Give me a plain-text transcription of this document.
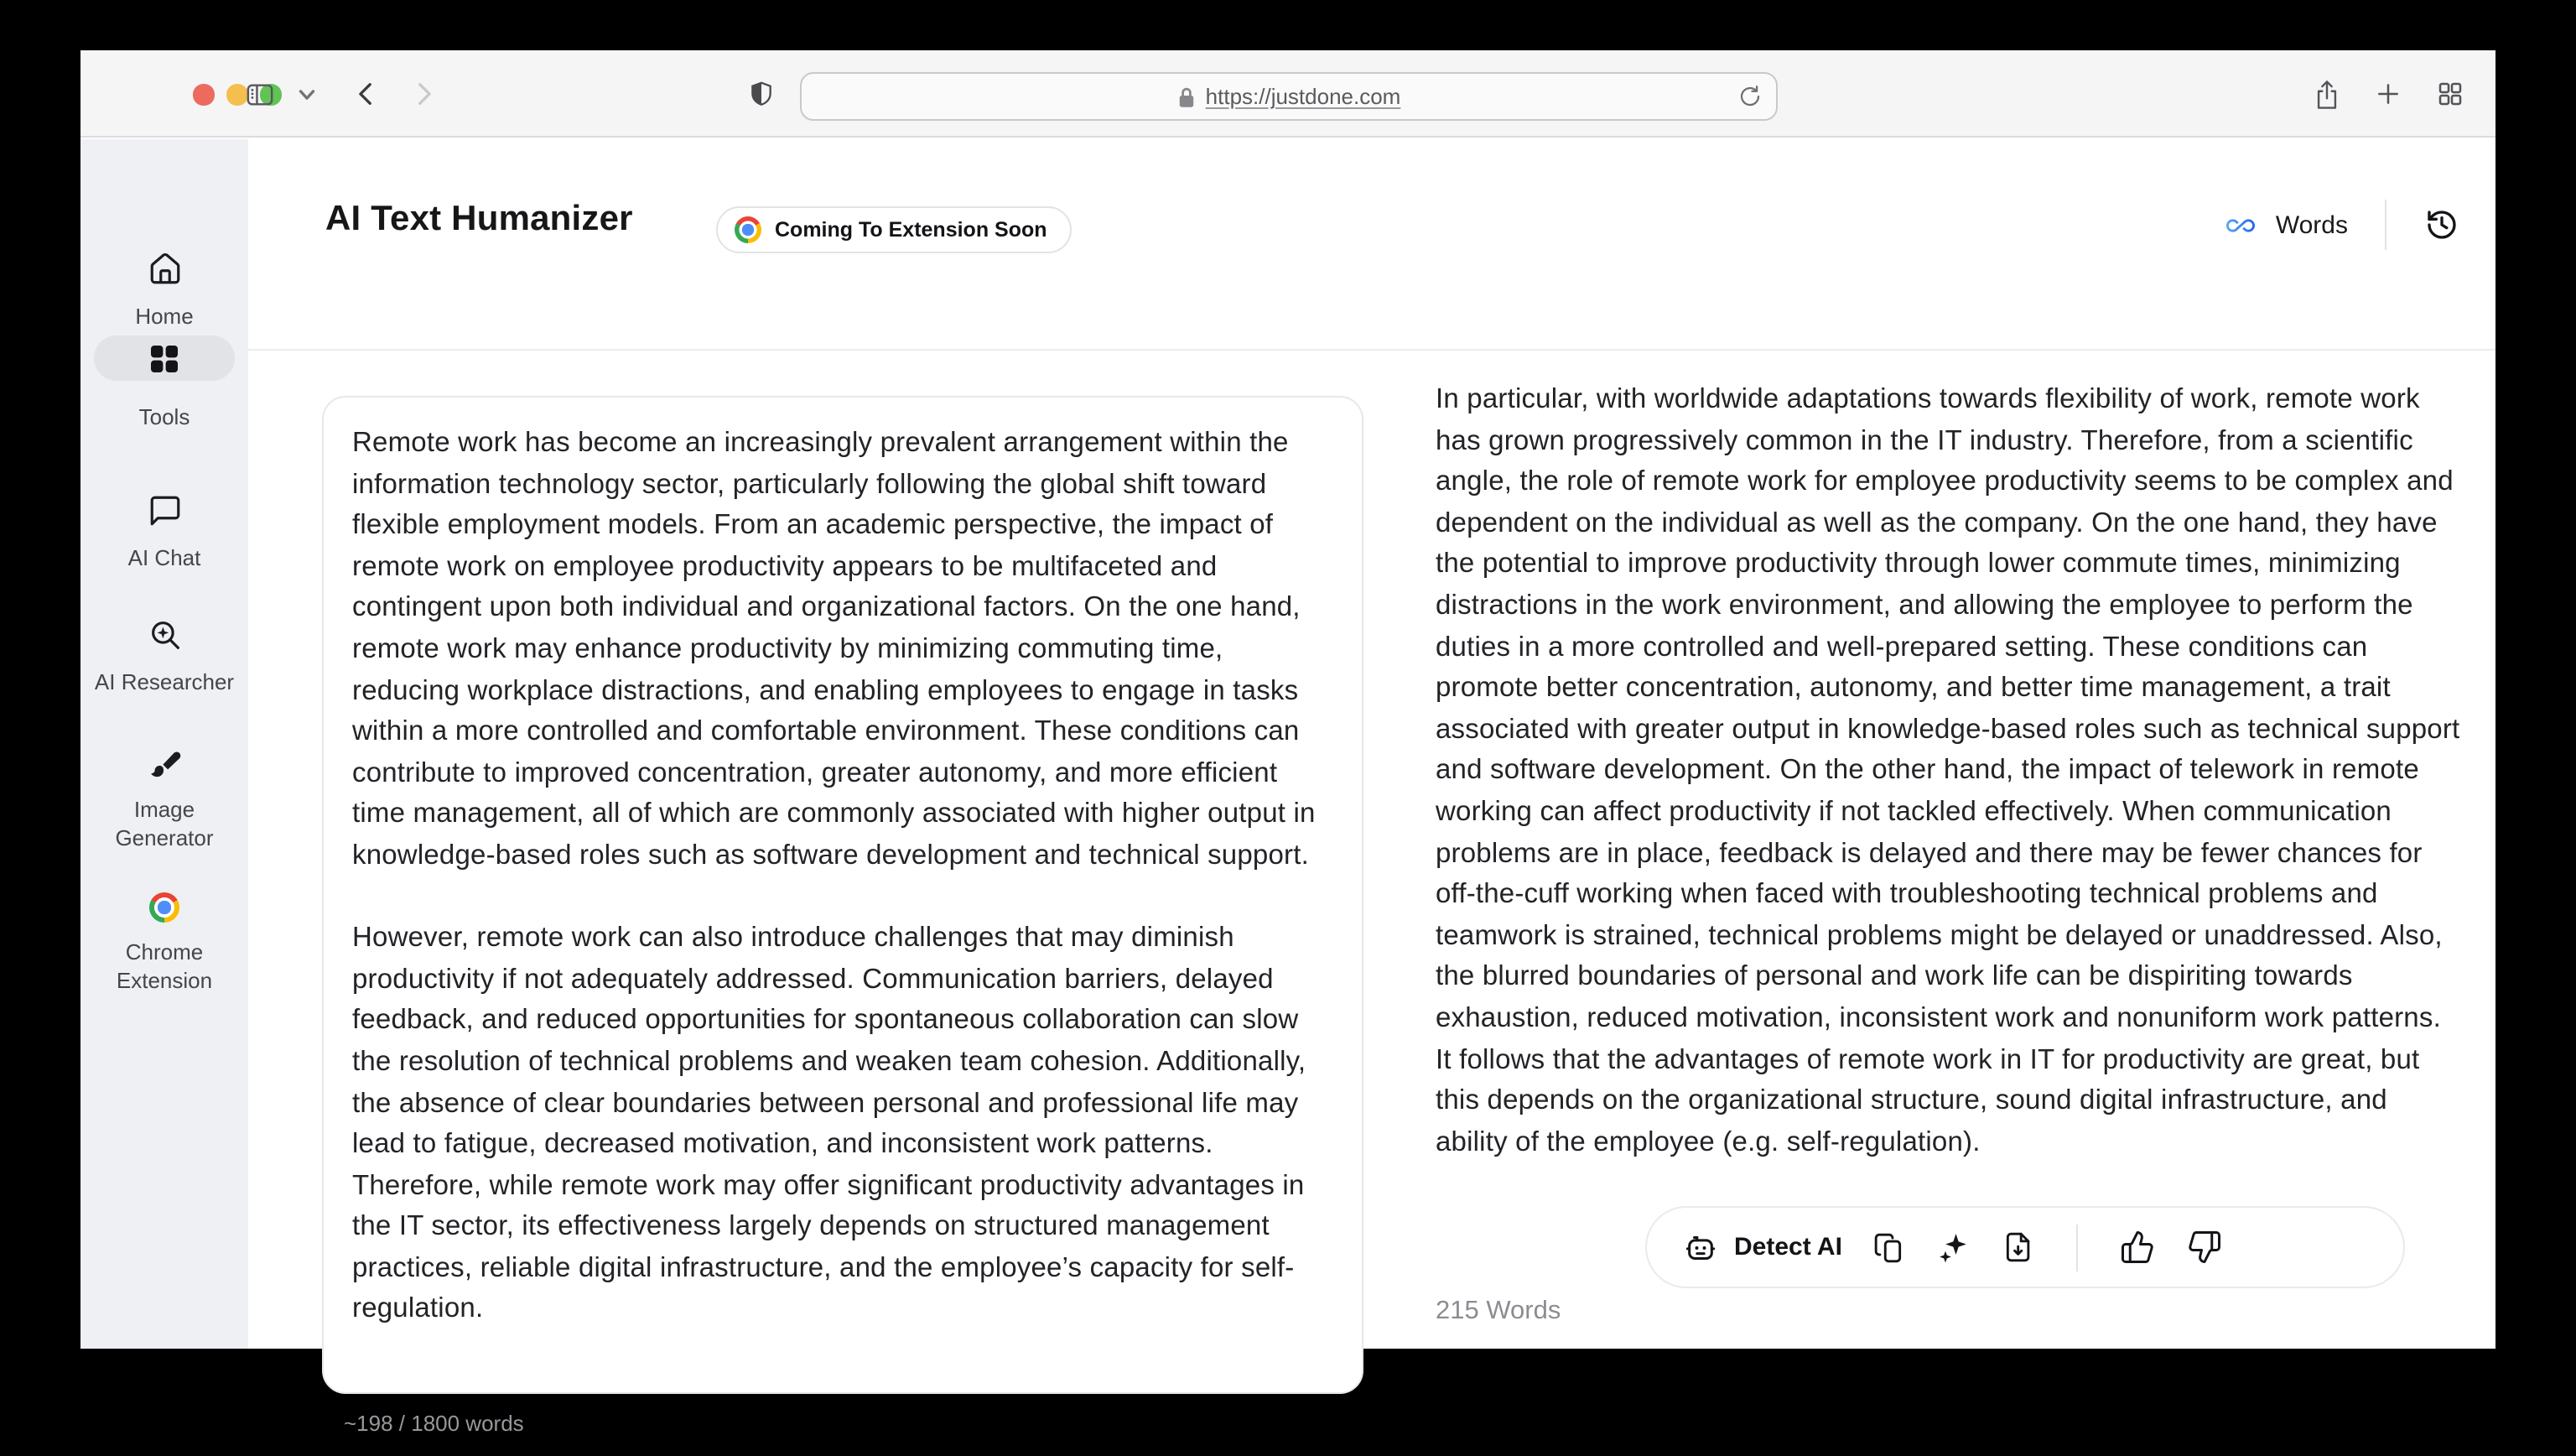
https://justdone.com
Home
Tools
AI Chat
AI Researcher
Image Generator
Chrome Extension
AI Text Humanizer	Coming To Extension Soon	Words

Remote work has become an increasingly prevalent arrangement within the information technology sector, particularly following the global shift toward flexible employment models. From an academic perspective, the impact of remote work on employee productivity appears to be multifaceted and contingent upon both individual and organizational factors. On the one hand, remote work may enhance productivity by minimizing commuting time, reducing workplace distractions, and enabling employees to engage in tasks within a more controlled and comfortable environment. These conditions can contribute to improved concentration, greater autonomy, and more efficient time management, all of which are commonly associated with higher output in knowledge-based roles such as software development and technical support.

However, remote work can also introduce challenges that may diminish productivity if not adequately addressed. Communication barriers, delayed feedback, and reduced opportunities for spontaneous collaboration can slow the resolution of technical problems and weaken team cohesion. Additionally, the absence of clear boundaries between personal and professional life may lead to fatigue, decreased motivation, and inconsistent work patterns. Therefore, while remote work may offer significant productivity advantages in the IT sector, its effectiveness largely depends on structured management practices, reliable digital infrastructure, and the employee’s capacity for self-regulation.

~198 / 1800 words

In particular, with worldwide adaptations towards flexibility of work, remote work has grown progressively common in the IT industry. Therefore, from a scientific angle, the role of remote work for employee productivity seems to be complex and dependent on the individual as well as the company. On the one hand, they have the potential to improve productivity through lower commute times, minimizing distractions in the work environment, and allowing the employee to perform the duties in a more controlled and well-prepared setting. These conditions can promote better concentration, autonomy, and better time management, a trait associated with greater output in knowledge-based roles such as technical support and software development. On the other hand, the impact of telework in remote working can affect productivity if not tackled effectively. When communication problems are in place, feedback is delayed and there may be fewer chances for off-the-cuff working when faced with troubleshooting technical problems and teamwork is strained, technical problems might be delayed or unaddressed. Also, the blurred boundaries of personal and work life can be dispiriting towards exhaustion, reduced motivation, inconsistent work and nonuniform work patterns. It follows that the advantages of remote work in IT for productivity are great, but this depends on the organizational structure, sound digital infrastructure, and ability of the employee (e.g. self-regulation).

Detect AI
215 Words
